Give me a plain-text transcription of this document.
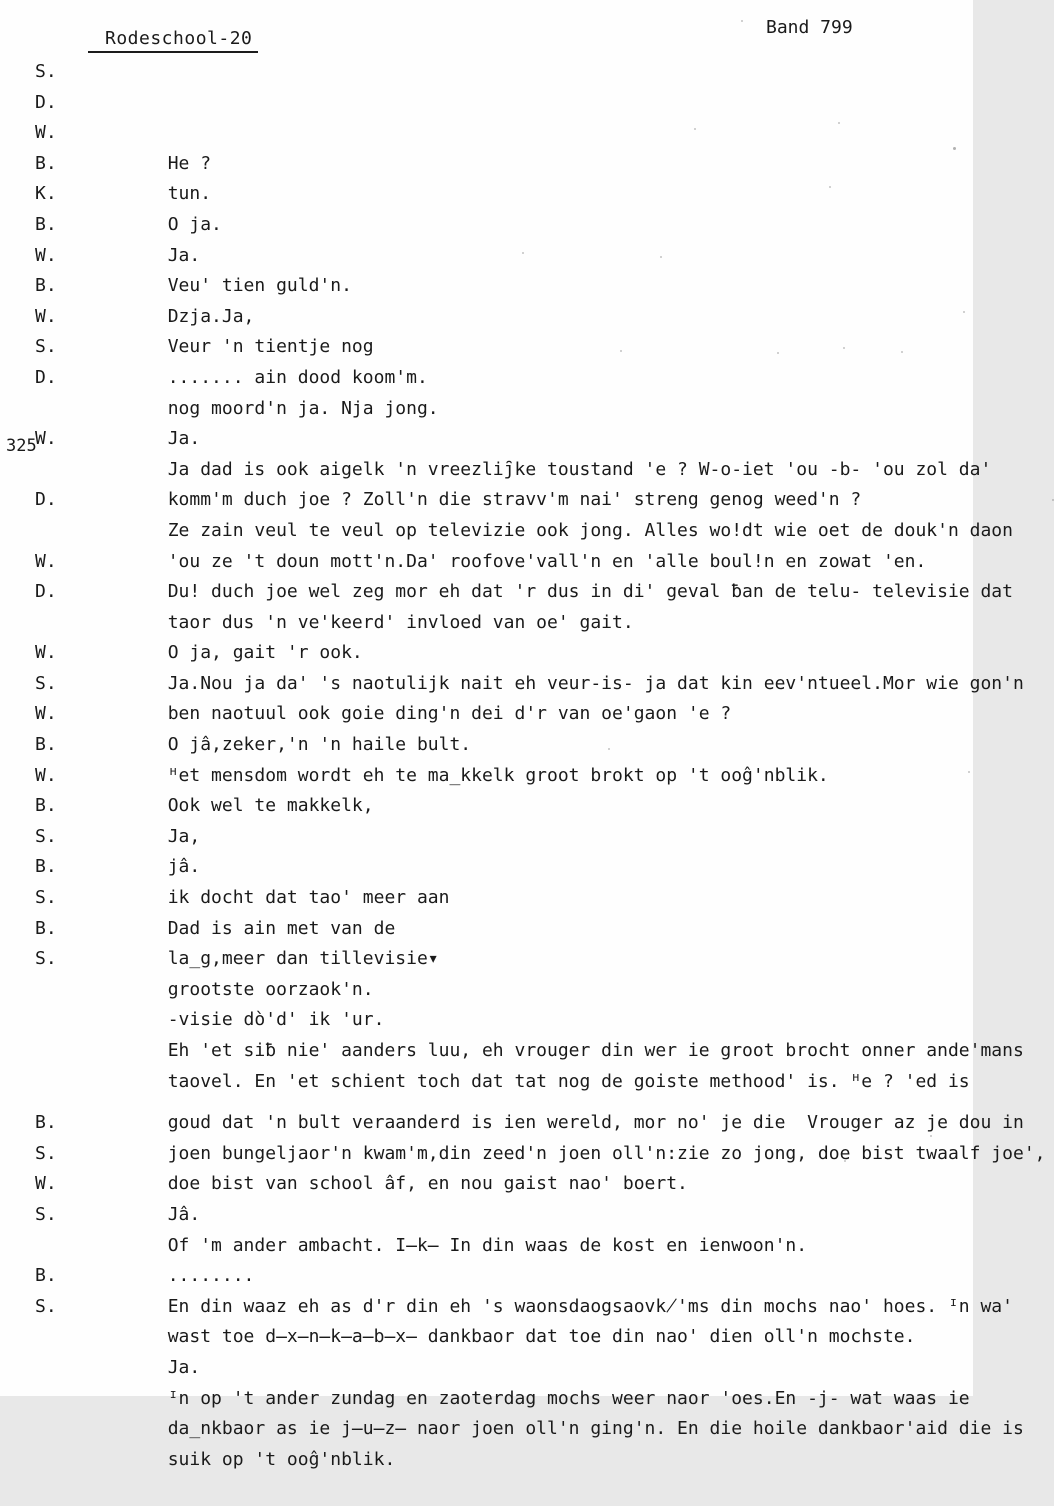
Rodeschool-20
Band 799

S.

He ?

D.

tun.

W.

O ja.

B.

Ja.

K.

Veu' tien guld'n.

B.

Dzja.Ja,

W.

Veur 'n tientje nog

B.

....... ain dood koom'm.

W.

nog moord'n ja. Nja jong.

S.

Ja.

D.

Ja dad is ook aigelk 'n vreezlij̑ke toustand 'e ? W-o-iet 'ou -b- 'ou zol da'

komm'm duch joe ? Zoll'n die stravv'm nai' streng genog weed'n ?

325

W.

Ze zain veul te veul op televizie ook jong. Alles wo!dt wie oet de douk'n daon

'ou ze 't doun mott'n.Da' roofove'vall'n en 'alle boul!n en zowat 'en.

D.

Du! duch joe wel zeg mor eh dat 'r dus in di' geval ƀan de telu- televisie dat

taor dus 'n ve'keerd' invloed van oe' gait.

W.

O ja, gait 'r ook.

D.

Ja.Nou ja da' 's naotulijk nait eh veur-is- ja dat kin eev'ntueel.Mor wie gon'n

ben naotuul ook goie ding'n dei d'r van oe'gaon 'e ?

W.

O jâ,zeker,'n 'n haile bult.

S.

ᴴet mensdom wordt eh te ma̲kkelk groot brokt op 't ooĝ'nblik.

W.

Ook wel te makkelk,

B.

Ja,

W.

jâ.

B.

ik docht dat tao' meer aan

S.

Dad is ain met van de

B.

la̲g,meer dan tillevisie▾

S.

grootste oorzaok'n.

B.

-visie dò'd' ik 'ur.

S.

Eh 'et siƀ nie' aanders luu, eh vrouger din wer ie groot brocht onner ande'mans

taovel. En 'et schient toch dat tat nog de goiste methood' is. ᴴe ? 'ed is

goud dat 'n bult veraanderd is ien wereld, mor no' je die  Vrouger az je dou in

joen bungeljaor'n kwam'm,din zeed'n joen oll'n:zie zo jong, doe bist twaalf joe',

doe bist van school âf, en nou gaist nao' boert.

B.

Jâ.

S.

Of 'm ander ambacht. I̶k̶ In din waas de kost en ienwoon'n.

W.

........

S.

En din waaz eh as d'r din eh 's waonsdaogsaovk̸'ms din mochs nao' hoes. ᴵn wa'

wast toe d̶x̶n̶k̶a̶b̶x̶ dankbaor dat toe din nao' dien oll'n mochste.

B.

Ja.

S.

ᴵn op 't ander zundag en zaoterdag mochs weer naor 'oes.En -j- wat waas ie

da̲nkbaor as ie j̶u̶z̶ naor joen oll'n ging'n. En die hoile dankbaor'aid die is

suik op 't ooĝ'nblik.
